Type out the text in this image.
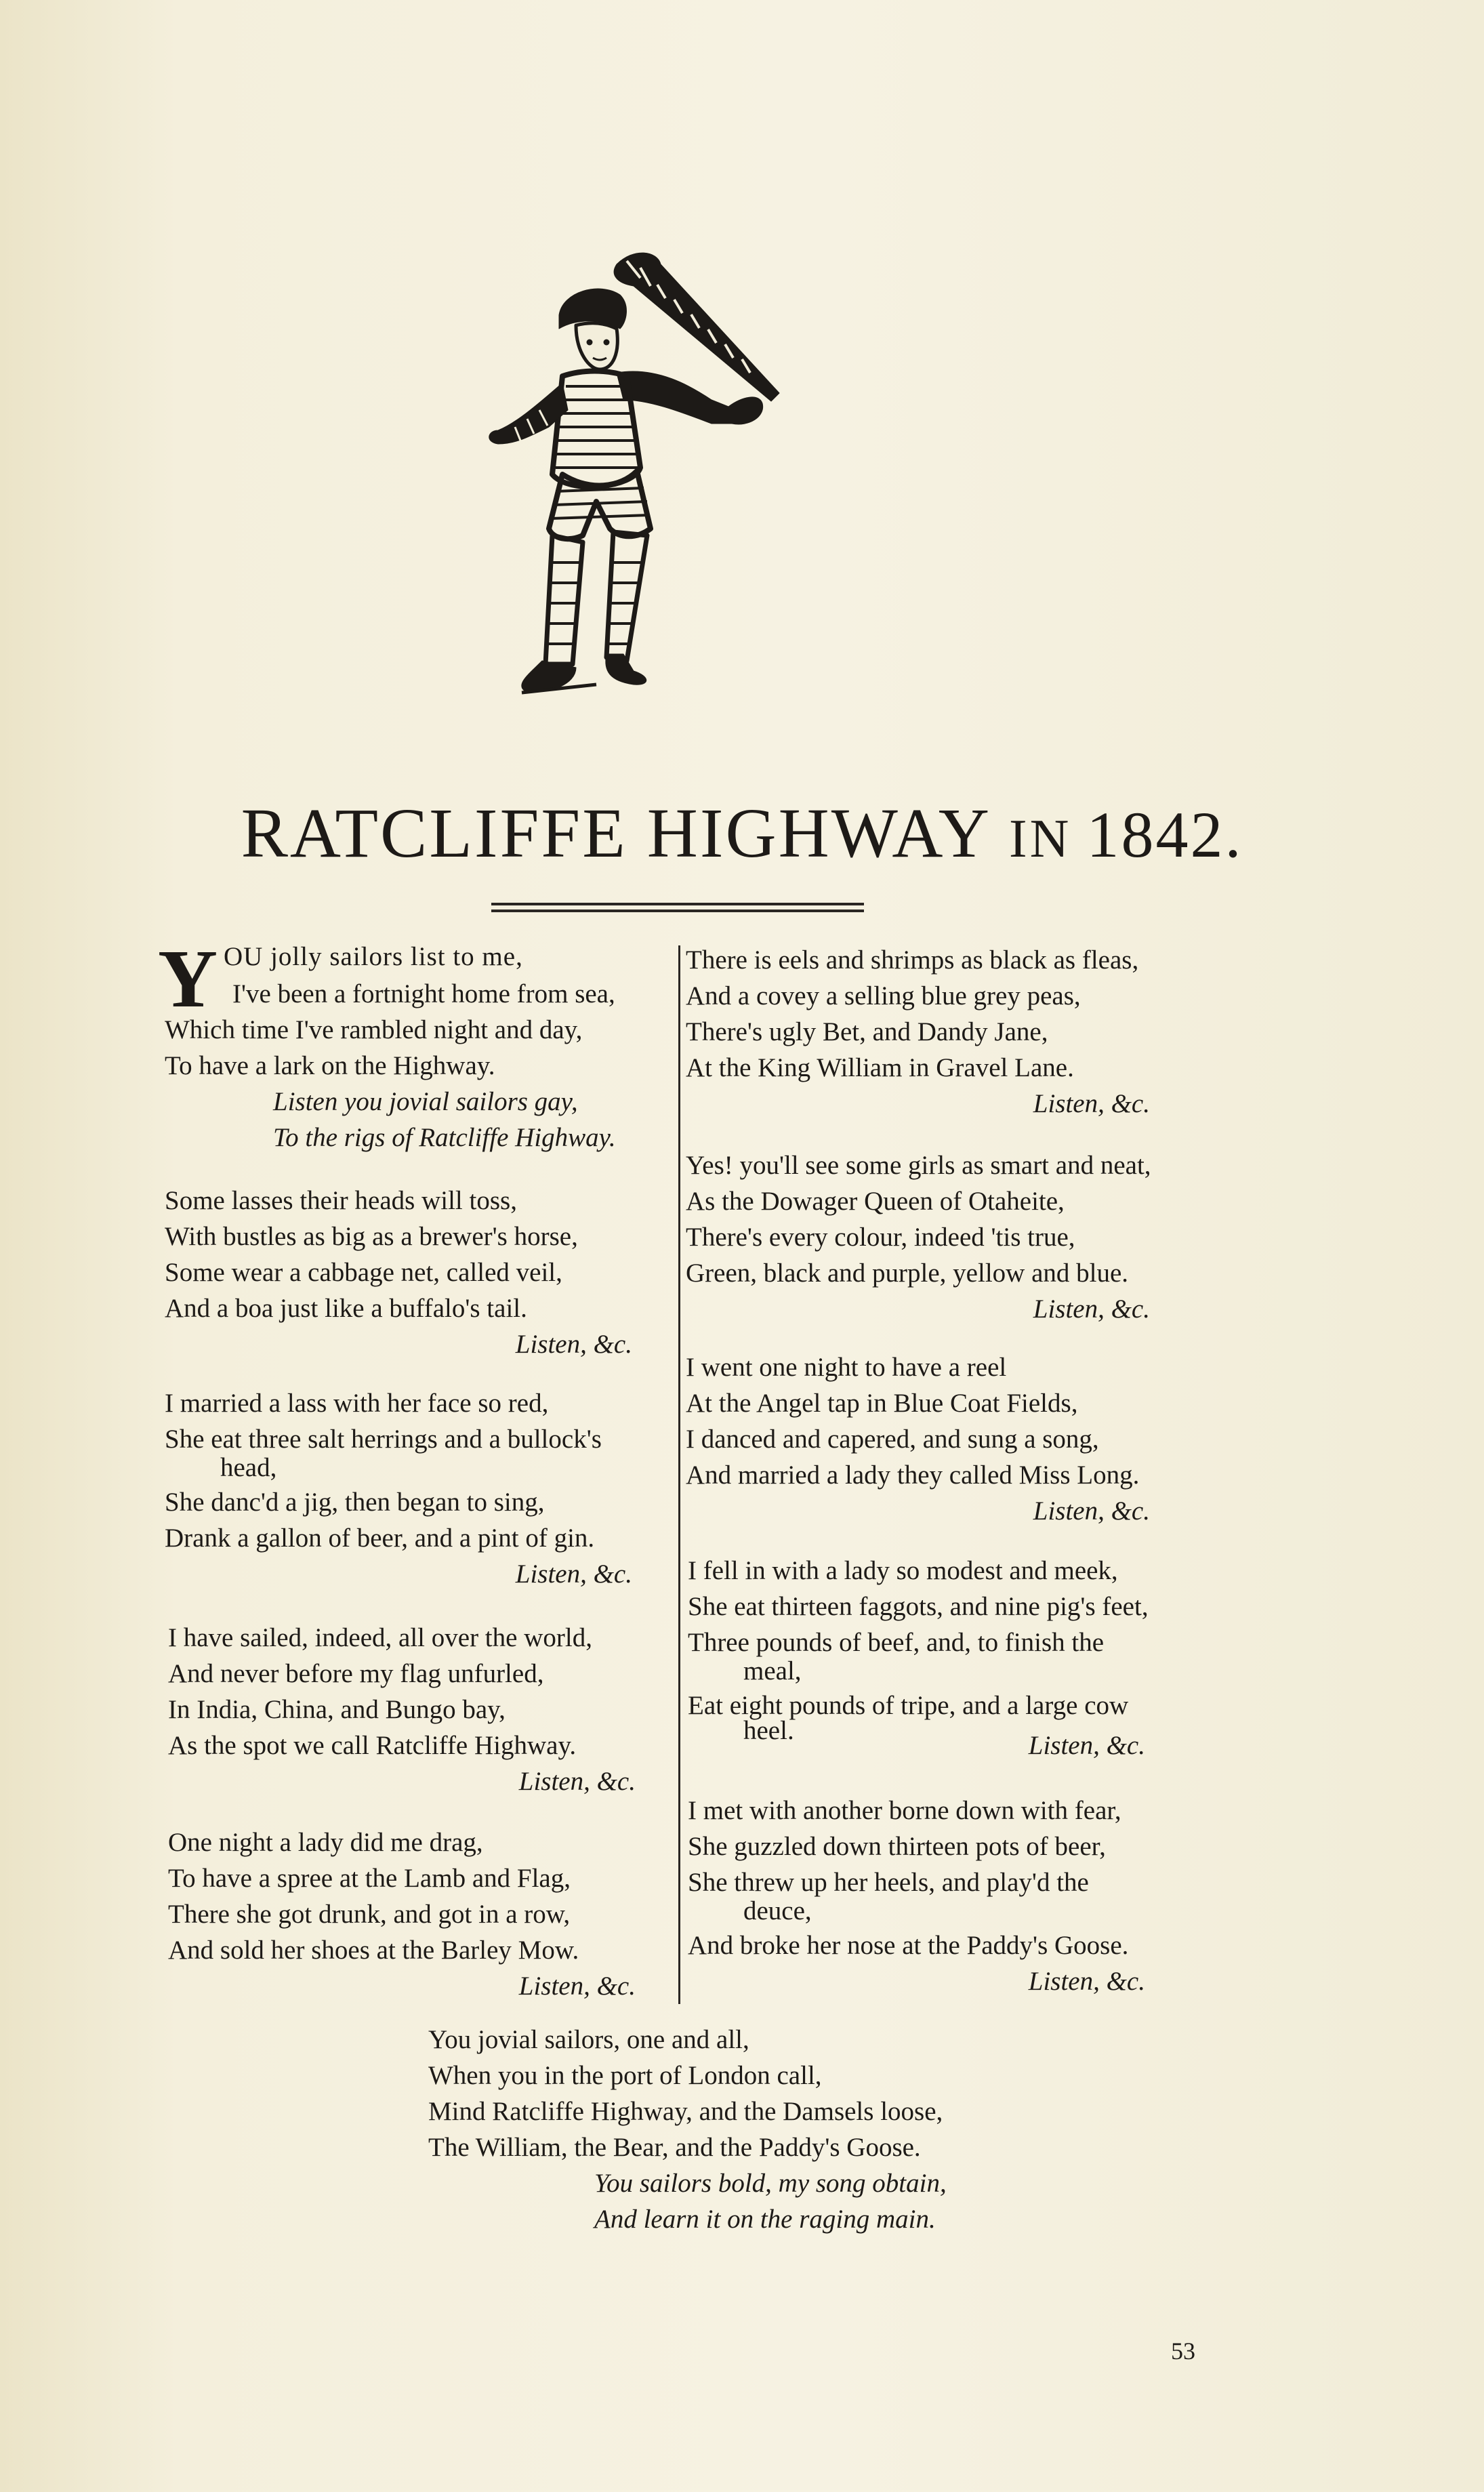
RATCLIFFE HIGHWAY IN 1842.
Y OU jolly sailors list to me,
I've been a fortnight home from sea,
Which time I've rambled night and day,
To have a lark on the Highway.
Listen you jovial sailors gay,
To the rigs of Ratcliffe Highway.
Some lasses their heads will toss,
With bustles as big as a brewer's horse,
Some wear a cabbage net, called veil,
And a boa just like a buffalo's tail.
Listen, &c.
I married a lass with her face so red,
She eat three salt herrings and a bullock's
head,
She danc'd a jig, then began to sing,
Drank a gallon of beer, and a pint of gin.
Listen, &c.
I have sailed, indeed, all over the world,
And never before my flag unfurled,
In India, China, and Bungo bay,
As the spot we call Ratcliffe Highway.
Listen, &c.
One night a lady did me drag,
To have a spree at the Lamb and Flag,
There she got drunk, and got in a row,
And sold her shoes at the Barley Mow.
Listen, &c.
There is eels and shrimps as black as fleas,
And a covey a selling blue grey peas,
There's ugly Bet, and Dandy Jane,
At the King William in Gravel Lane.
Listen, &c.
Yes! you'll see some girls as smart and neat,
As the Dowager Queen of Otaheite,
There's every colour, indeed 'tis true,
Green, black and purple, yellow and blue.
Listen, &c.
I went one night to have a reel
At the Angel tap in Blue Coat Fields,
I danced and capered, and sung a song,
And married a lady they called Miss Long.
Listen, &c.
I fell in with a lady so modest and meek,
She eat thirteen faggots, and nine pig's feet,
Three pounds of beef, and, to finish the
meal,
Eat eight pounds of tripe, and a large cow
heel.
Listen, &c.
I met with another borne down with fear,
She guzzled down thirteen pots of beer,
She threw up her heels, and play'd the
deuce,
And broke her nose at the Paddy's Goose.
Listen, &c.
You jovial sailors, one and all,
When you in the port of London call,
Mind Ratcliffe Highway, and the Damsels loose,
The William, the Bear, and the Paddy's Goose.
You sailors bold, my song obtain,
And learn it on the raging main.
53
